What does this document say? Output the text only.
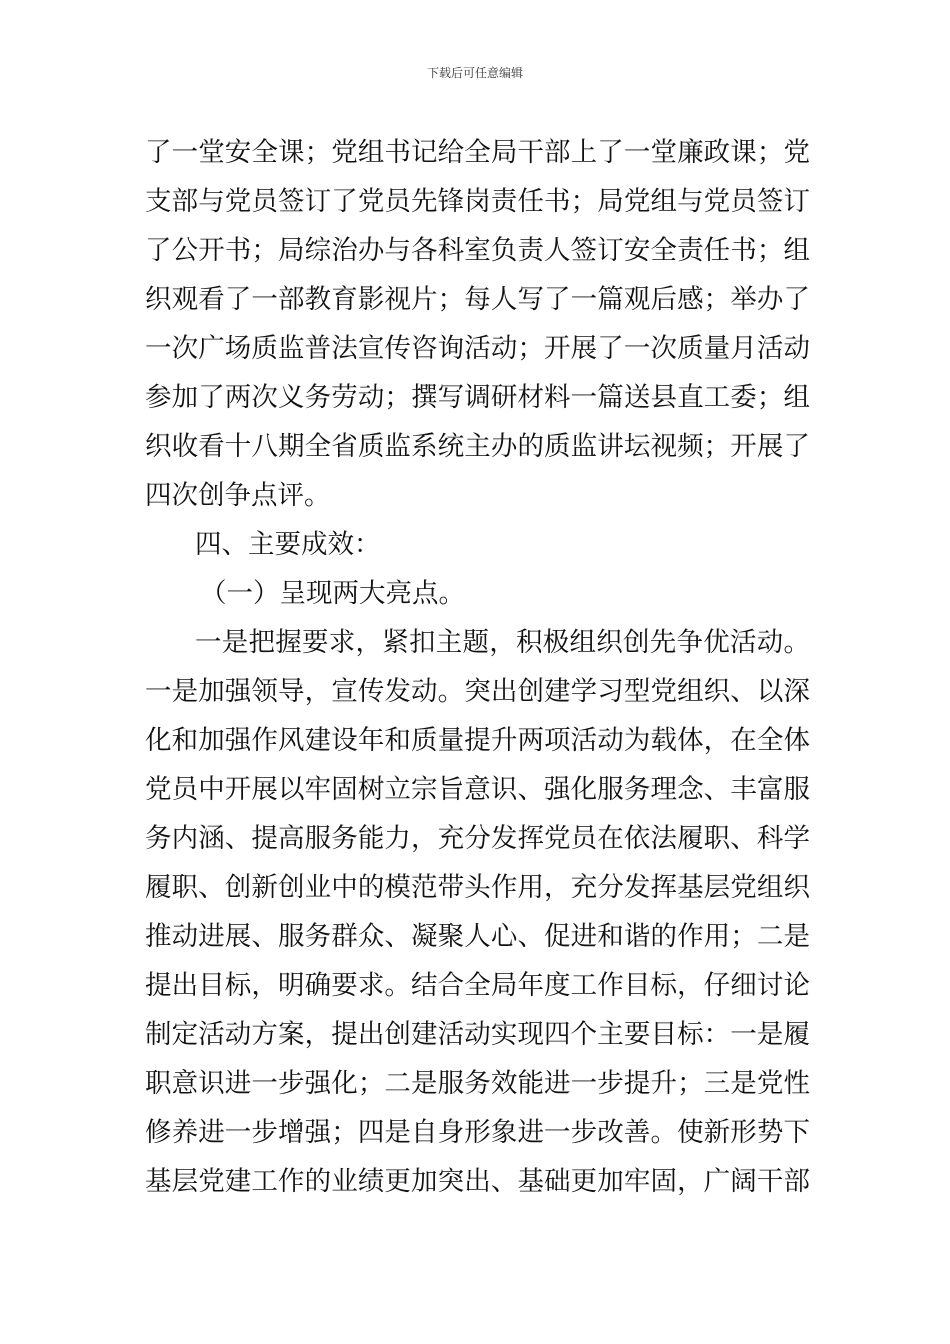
下载后可任意编辑
了一堂安全课；党组书记给全局干部上了一堂廉政课；党
支部与党员签订了党员先锋岗责任书；局党组与党员签订
了公开书；局综治办与各科室负责人签订安全责任书；组
织观看了一部教育影视片；每人写了一篇观后感；举办了
一次广场质监普法宣传咨询活动；开展了一次质量月活动
参加了两次义务劳动；撰写调研材料一篇送县直工委；组
织收看十八期全省质监系统主办的质监讲坛视频；开展了
四次创争点评。
四、主要成效：
（一）呈现两大亮点。
一是把握要求，紧扣主题，积极组织创先争优活动。
一是加强领导，宣传发动。突出创建学习型党组织、以深
化和加强作风建设年和质量提升两项活动为载体，在全体
党员中开展以牢固树立宗旨意识、强化服务理念、丰富服
务内涵、提高服务能力，充分发挥党员在依法履职、科学
履职、创新创业中的模范带头作用，充分发挥基层党组织
推动进展、服务群众、凝聚人心、促进和谐的作用；二是
提出目标，明确要求。结合全局年度工作目标，仔细讨论
制定活动方案，提出创建活动实现四个主要目标：一是履
职意识进一步强化；二是服务效能进一步提升；三是党性
修养进一步增强；四是自身形象进一步改善。使新形势下
基层党建工作的业绩更加突出、基础更加牢固，广阔干部
